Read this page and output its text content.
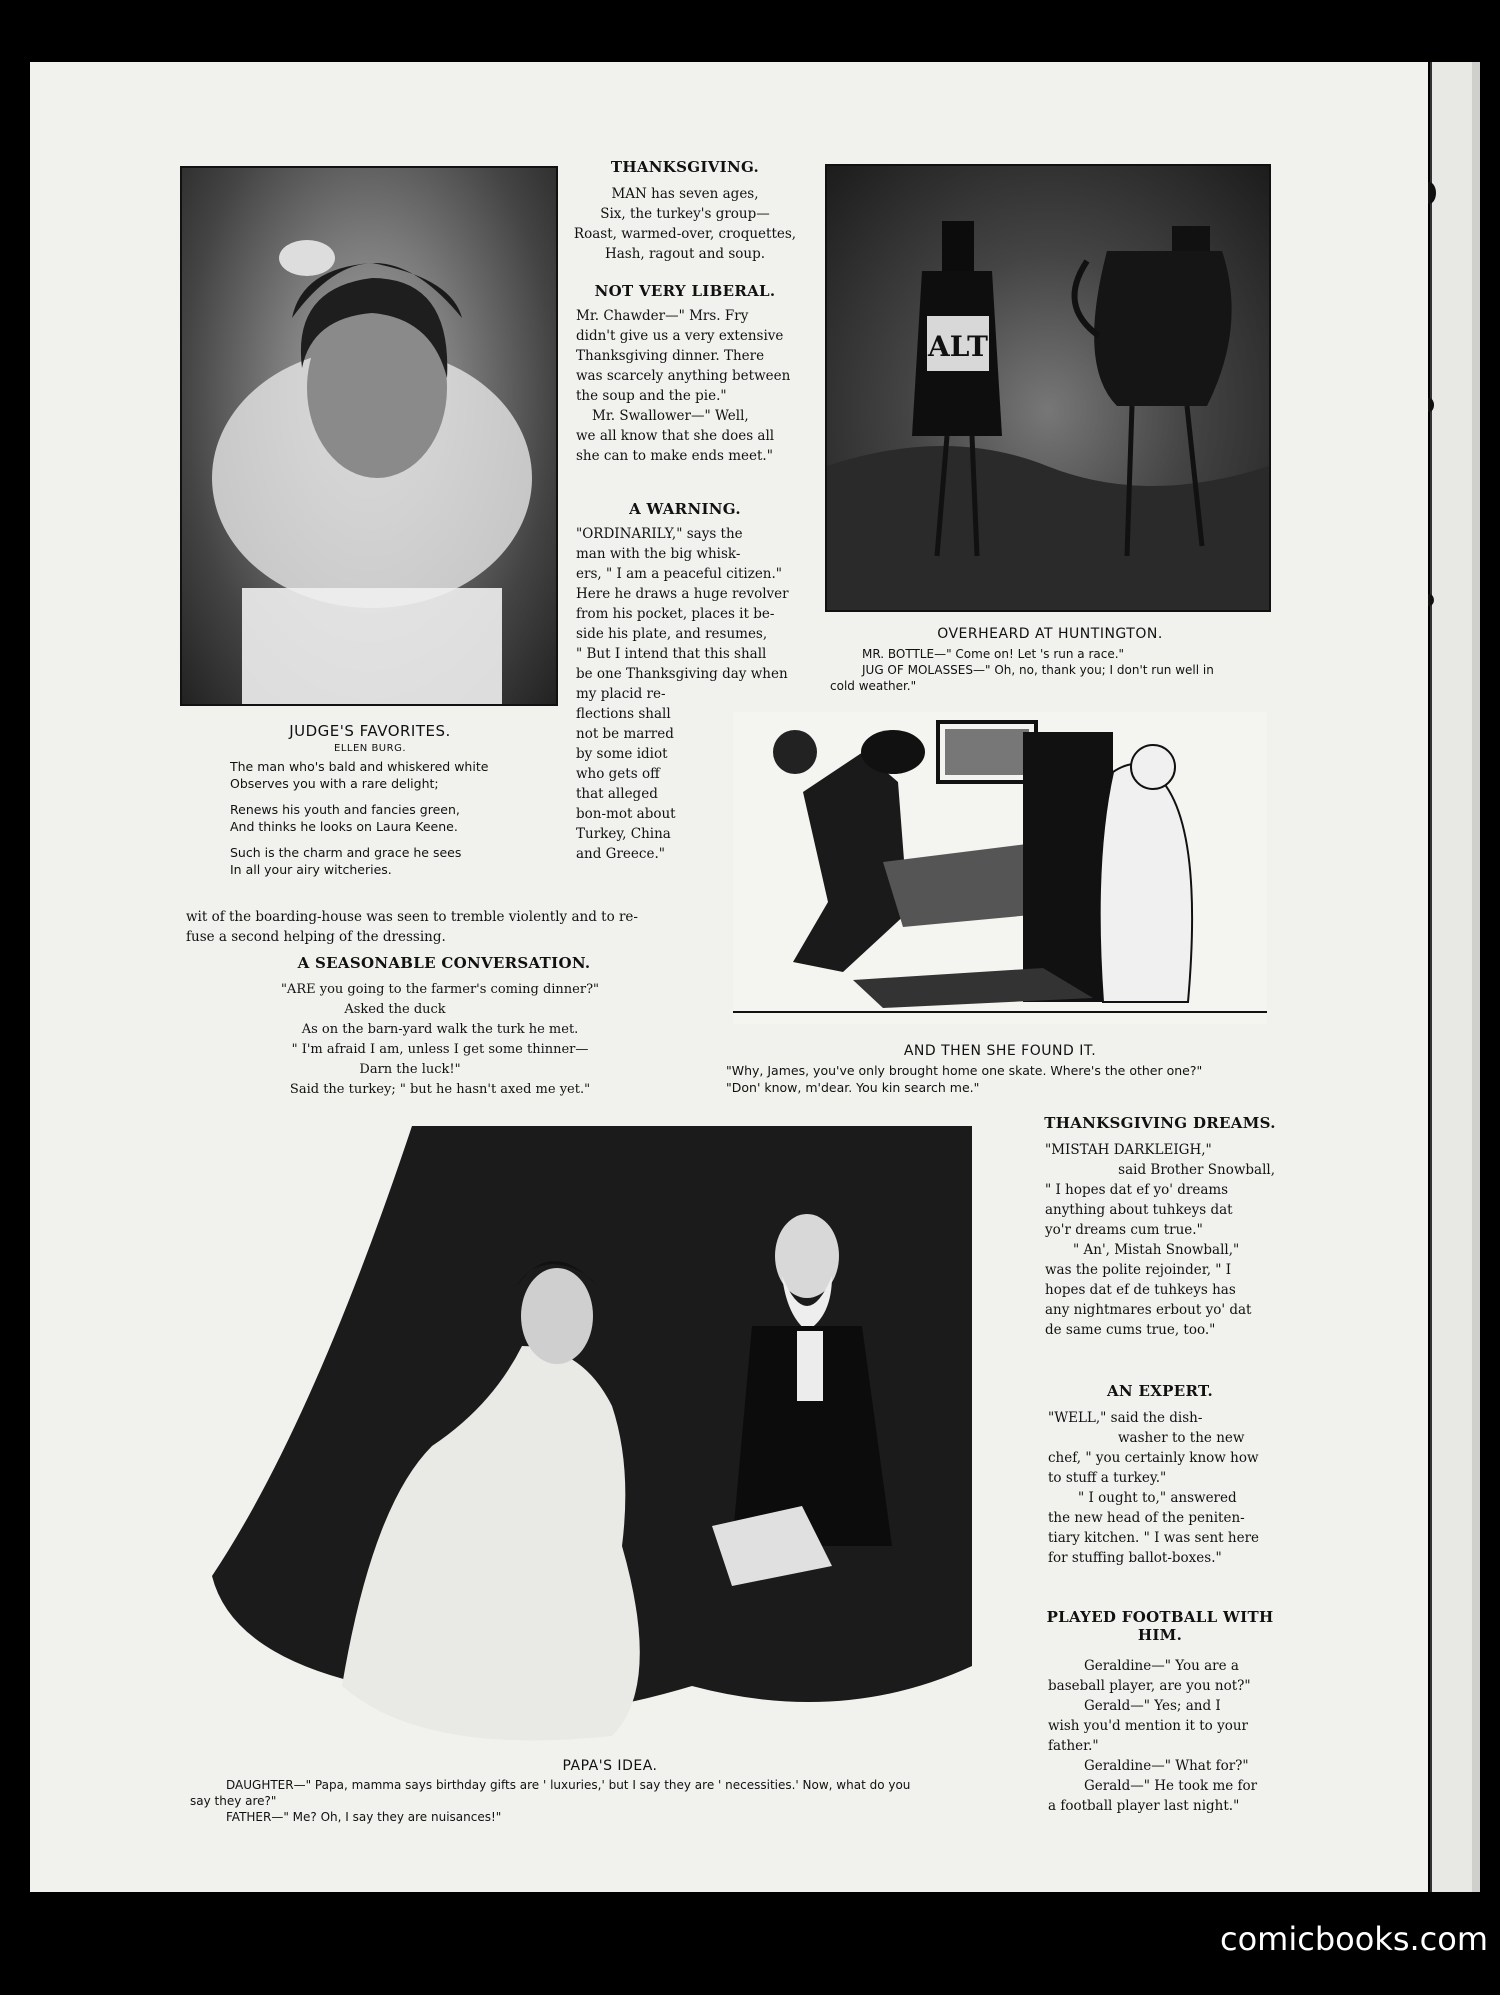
JUDGE'S FAVORITES.
ELLEN BURG.
The man who's bald and whiskered white
Observes you with a rare delight;
Renews his youth and fancies green,
And thinks he looks on Laura Keene.
Such is the charm and grace he sees
In all your airy witcheries.
THANKSGIVING.
MAN has seven ages,
Six, the turkey's group—
Roast, warmed-over, croquettes,
Hash, ragout and soup.
NOT VERY LIBERAL.
Mr. Chawder—" Mrs. Fry
didn't give us a very extensive
Thanksgiving dinner. There
was scarcely anything between
the soup and the pie."
Mr. Swallower—" Well,
we all know that she does all
she can to make ends meet."
A WARNING.
"ORDINARILY," says the
man with the big whisk-
ers, " I am a peaceful citizen."
Here he draws a huge revolver
from his pocket, places it be-
side his plate, and resumes,
" But I intend that this shall
be one Thanksgiving day when
my placid re-
flections shall
not be marred
by some idiot
who gets off
that alleged
bon-mot about
Turkey, China
and Greece."
wit of the boarding-house was seen to tremble violently and to re-
fuse a second helping of the dressing.
ALT
OVERHEARD AT HUNTINGTON.
MR. BOTTLE—" Come on! Let 's run a race."
JUG OF MOLASSES—" Oh, no, thank you; I don't run well in
cold weather."
AND THEN SHE FOUND IT.
"Why, James, you've only brought home one skate. Where's the other one?"
"Don' know, m'dear. You kin search me."
A SEASONABLE CONVERSATION.
"ARE you going to the farmer's coming dinner?"
Asked the duck
As on the barn-yard walk the turk he met.
" I'm afraid I am, unless I get some thinner—
Darn the luck!"
Said the turkey; " but he hasn't axed me yet."
PAPA'S IDEA.
DAUGHTER—" Papa, mamma says birthday gifts are ' luxuries,' but I say they are ' necessities.' Now, what do you
say they are?"
FATHER—" Me? Oh, I say they are nuisances!"
THANKSGIVING DREAMS.
"MISTAH DARKLEIGH,"
said Brother Snowball,
" I hopes dat ef yo' dreams
anything about tuhkeys dat
yo'r dreams cum true."
" An', Mistah Snowball,"
was the polite rejoinder, " I
hopes dat ef de tuhkeys has
any nightmares erbout yo' dat
de same cums true, too."
AN EXPERT.
"WELL," said the dish-
washer to the new
chef, " you certainly know how
to stuff a turkey."
" I ought to," answered
the new head of the peniten-
tiary kitchen. " I was sent here
for stuffing ballot-boxes."
PLAYED FOOTBALL WITH
HIM.
Geraldine—" You are a
baseball player, are you not?"
Gerald—" Yes; and I
wish you'd mention it to your
father."
Geraldine—" What for?"
Gerald—" He took me for
a football player last night."
comicbooks.com
